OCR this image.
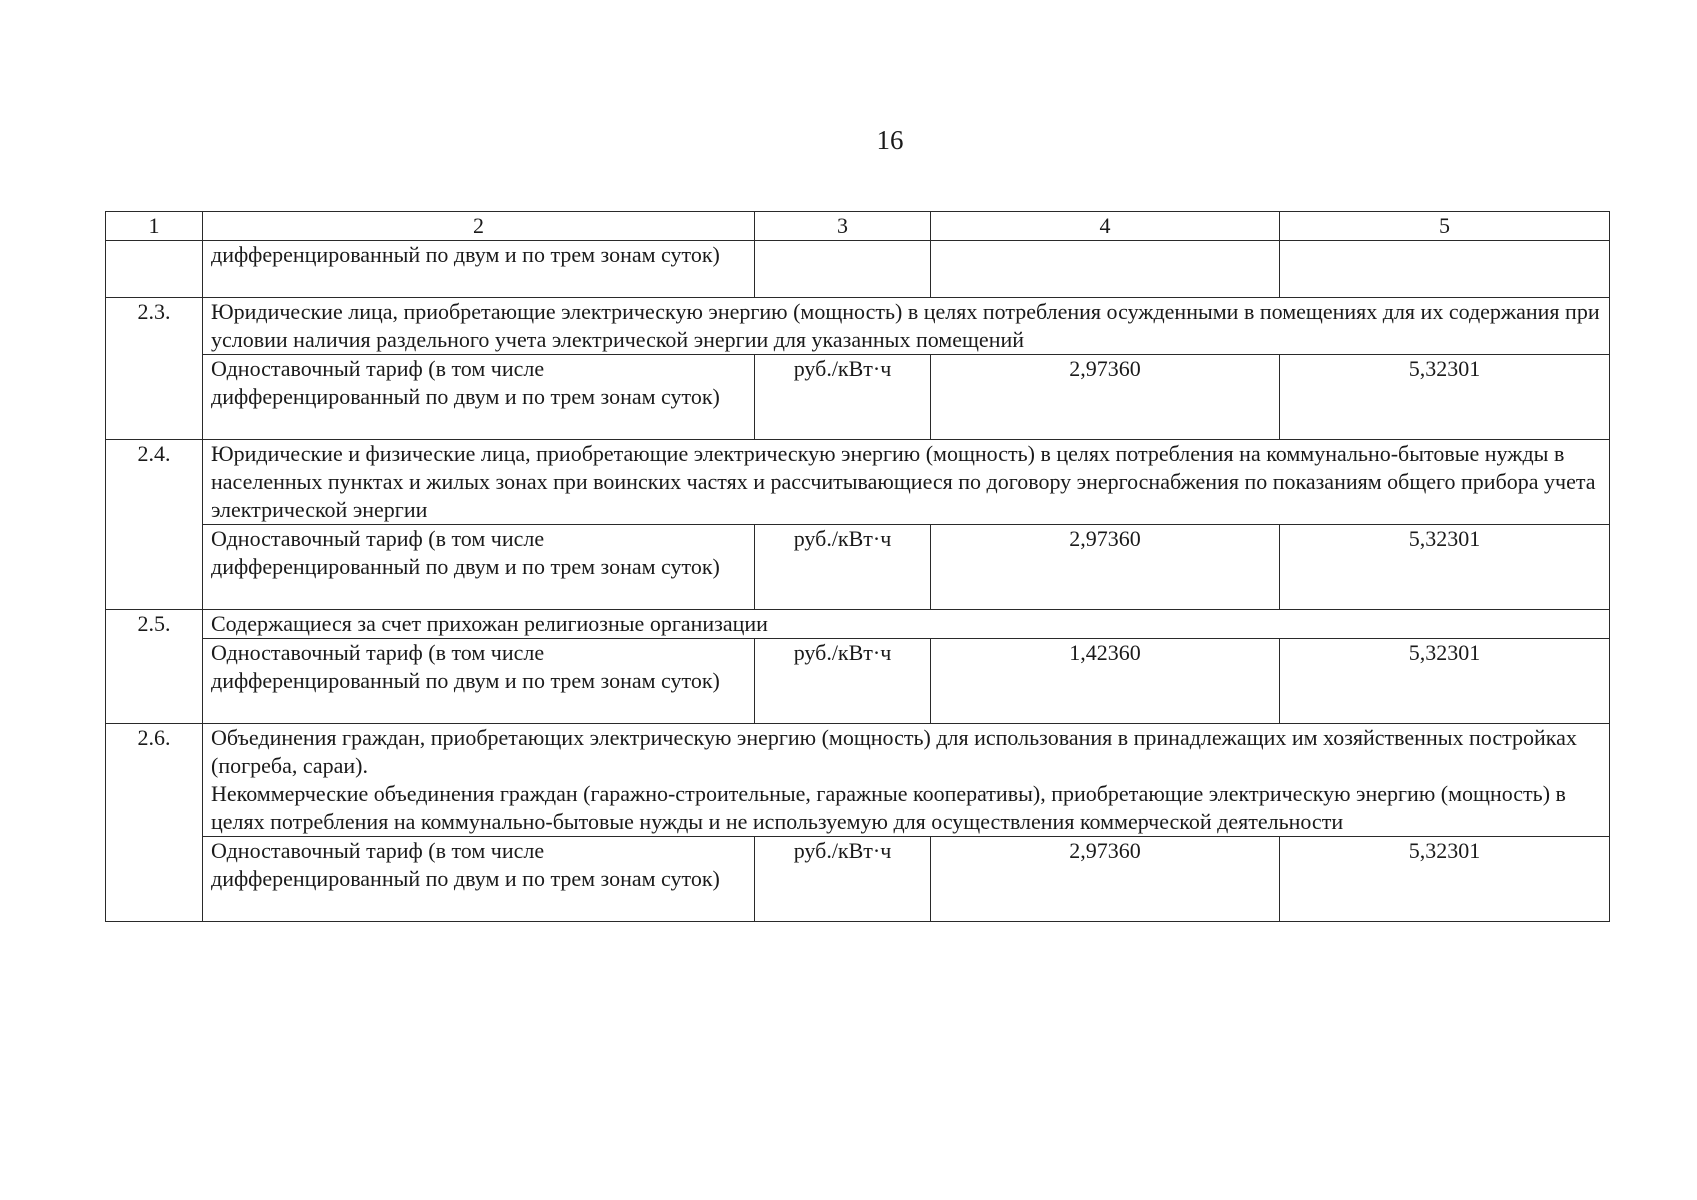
16
1	2	3	4	5
	дифференцированный по двум и по трем зонам суток)			
2.3.	Юридические лица, приобретающие электрическую энергию (мощность) в целях потребления осужденными в помещениях для их содержания при условии наличия раздельного учета электрической энергии для указанных помещений			
	Одноставочный тариф (в том числе дифференцированный по двум и по трем зонам суток)	руб./кВт·ч	2,97360	5,32301
2.4.	Юридические и физические лица, приобретающие электрическую энергию (мощность) в целях потребления на коммунально-бытовые нужды в населенных пунктах и жилых зонах при воинских частях и рассчитывающиеся по договору энергоснабжения по показаниям общего прибора учета электрической энергии			
	Одноставочный тариф (в том числе дифференцированный по двум и по трем зонам суток)	руб./кВт·ч	2,97360	5,32301
2.5.	Содержащиеся за счет прихожан религиозные организации			
	Одноставочный тариф (в том числе дифференцированный по двум и по трем зонам суток)	руб./кВт·ч	1,42360	5,32301
2.6.	Объединения граждан, приобретающих электрическую энергию (мощность) для использования в принадлежащих им хозяйственных постройках (погреба, сараи).
Некоммерческие объединения граждан (гаражно-строительные, гаражные кооперативы), приобретающие электрическую энергию (мощность) в целях потребления на коммунально-бытовые нужды и не используемую для осуществления коммерческой деятельности			

	Одноставочный тариф (в том числе дифференцированный по двум и по трем зонам суток)	руб./кВт·ч	2,97360	5,32301
